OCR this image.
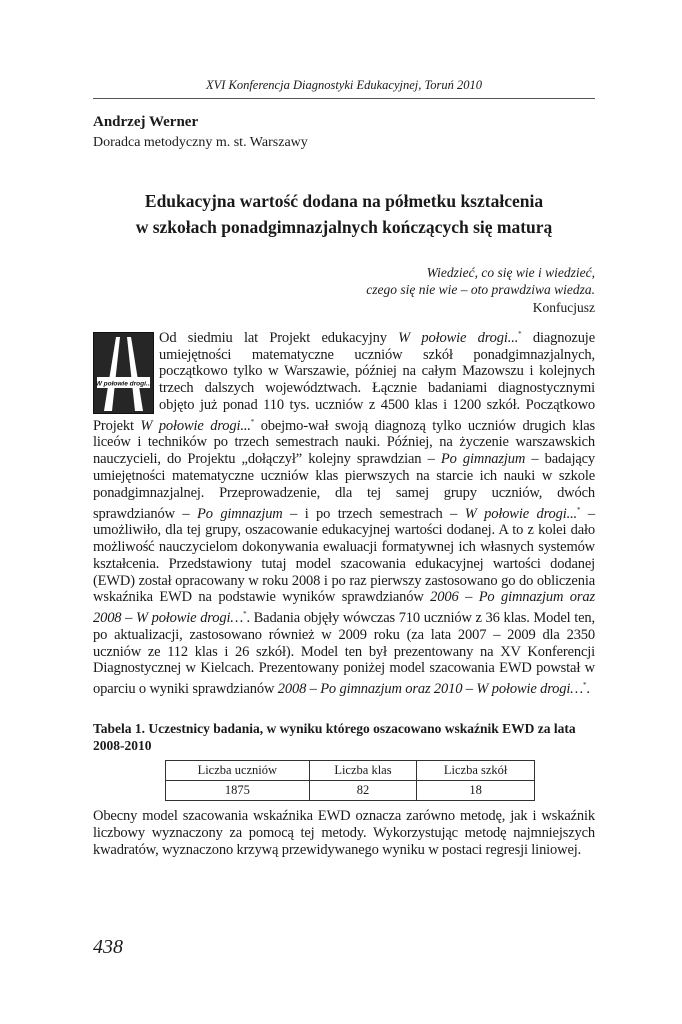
XVI Konferencja Diagnostyki Edukacyjnej, Toruń 2010
Andrzej Werner
Doradca metodyczny m. st. Warszawy
Edukacyjna wartość dodana na półmetku kształcenia
w szkołach ponadgimnazjalnych kończących się maturą
Wiedzieć, co się wie i wiedzieć,
czego się nie wie – oto prawdziwa wiedza.
Konfucjusz
W połowie drogi...

Od siedmiu lat Projekt edukacyjny W połowie drogi...* diagnozuje umiejętności matematyczne uczniów szkół ponadgimnazjalnych, początkowo tylko w Warszawie, później na całym Mazowszu i kolejnych trzech dalszych województwach. Łącznie badaniami diagnostycznymi objęto już ponad 110 tys. uczniów z 4500 klas i 1200 szkół. Początkowo Projekt W połowie drogi...* obejmo-wał swoją diagnozą tylko uczniów drugich klas liceów i techników po trzech semestrach nauki. Później, na życzenie warszawskich nauczycieli, do Projektu „dołączył” kolejny sprawdzian – Po gimnazjum – badający umiejętności matematyczne uczniów klas pierwszych na starcie ich nauki w szkole ponadgimnazjalnej. Przeprowadzenie, dla tej samej grupy uczniów, dwóch sprawdzianów – Po gimnazjum – i po trzech semestrach – W połowie drogi...* – umożliwiło, dla tej grupy, oszacowanie edukacyjnej wartości dodanej. A to z kolei dało możliwość nauczycielom dokonywania ewaluacji formatywnej ich własnych systemów kształcenia. Przedstawiony tutaj model szacowania edukacyjnej wartości dodanej (EWD) został opracowany w roku 2008 i po raz pierwszy zastosowano go do obliczenia wskaźnika EWD na podstawie wyników sprawdzianów 2006 – Po gimnazjum oraz 2008 – W połowie drogi…*. Badania objęły wówczas 710 uczniów z 36 klas. Model ten, po aktualizacji, zastosowano również w 2009 roku (za lata 2007 – 2009 dla 2350 uczniów ze 112 klas i 26 szkół). Model ten był prezentowany na XV Konferencji Diagnostycznej w Kielcach. Prezentowany poniżej model szacowania EWD powstał w oparciu o wyniki sprawdzianów 2008 – Po gimnazjum oraz 2010 – W połowie drogi…*.

Tabela 1. Uczestnicy badania, w wyniku którego oszacowano wskaźnik EWD za lata 2008-2010
Liczba uczniów	Liczba klas	Liczba szkół
1875	82	18

Obecny model szacowania wskaźnika EWD oznacza zarówno metodę, jak i wskaźnik liczbowy wyznaczony za pomocą tej metody. Wykorzystując metodę najmniejszych kwadratów, wyznaczono krzywą przewidywanego wyniku w postaci regresji liniowej.

438
